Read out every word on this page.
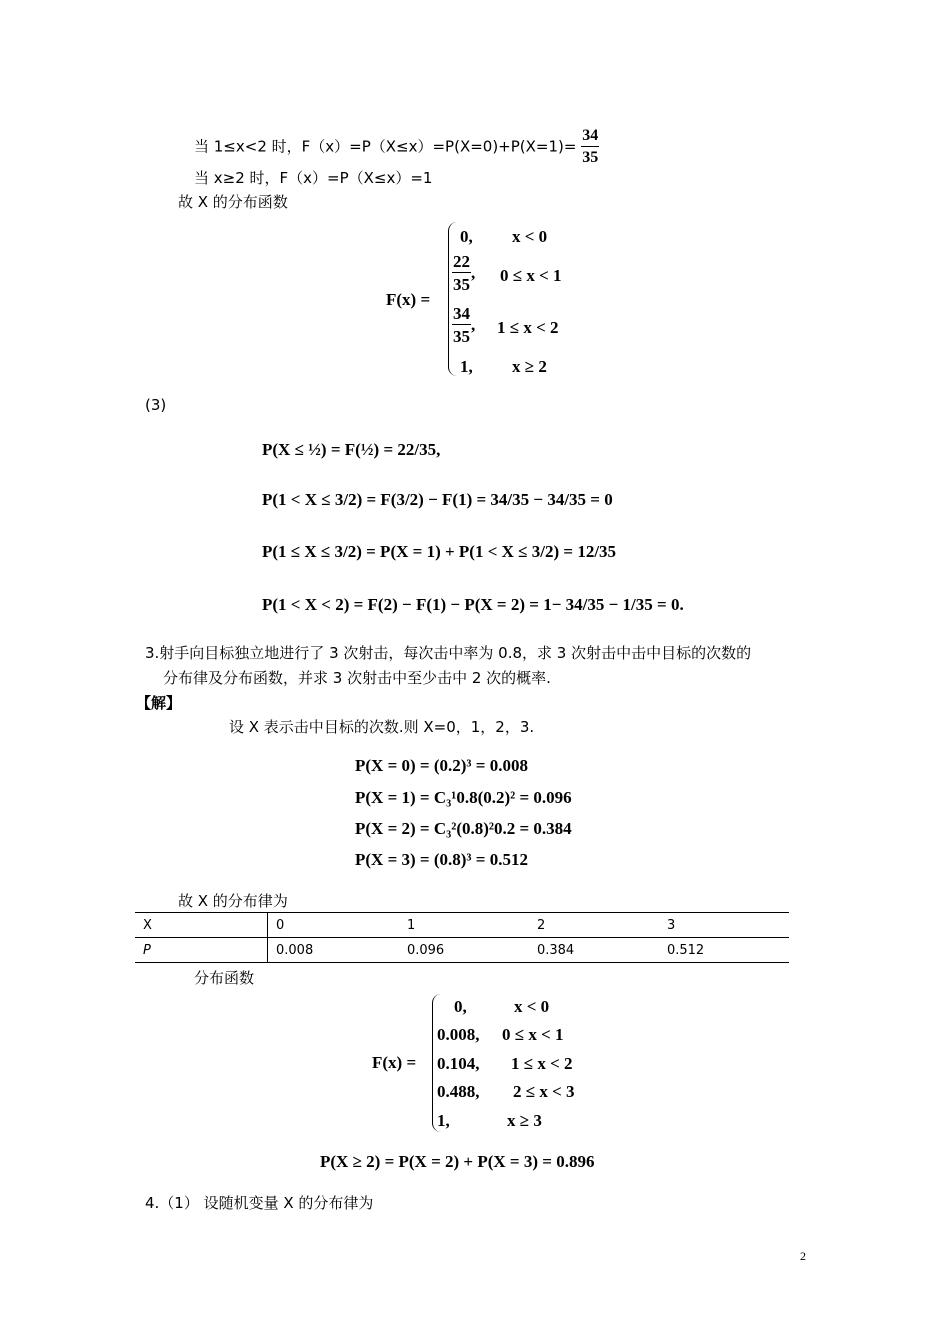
当 1≤x<2 时，$F(x)=P(X\le x)=P(X=0)+P(X=1)= \frac{34}{35}$
当 x≥2 时，F（x）=P（X≤x）=1
故 X 的分布函数
F(x) =
0, x < 0
$\frac{22}{35}$ , 0 ≤ x < 1
$\frac{34}{35}$ , 1 ≤ x < 2
1, x ≥ 2
(3)
P(X ≤ ½) = F(½) = 22/35,
P(1 < X ≤ 3/2) = F(3/2) − F(1) = 34/35 − 34/35 = 0
P(1 ≤ X ≤ 3/2) = P(X = 1) + P(1 < X ≤ 3/2) = 12/35
P(1 < X < 2) = F(2) − F(1) − P(X = 2) = 1− 34/35 − 1/35 = 0.
3.射手向目标独立地进行了 3 次射击，每次击中率为 0.8，求 3 次射击中击中目标的次数的
分布律及分布函数，并求 3 次射击中至少击中 2 次的概率.
【解】
设 X 表示击中目标的次数.则 X=0，1，2，3.
P(X = 0) = (0.2)³ = 0.008
P(X = 1) = C₃¹0.8(0.2)² = 0.096
P(X = 2) = C₃²(0.8)²0.2 = 0.384
P(X = 3) = (0.8)³ = 0.512
故 X 的分布律为
X	0	1	2	3
P	0.008	0.096	0.384	0.512
分布函数
F(x) =
0,	x < 0
0.008, 0 ≤ x < 1
0.104, 1 ≤ x < 2
0.488, 2 ≤ x < 3
1,	x ≥ 3
P(X ≥ 2) = P(X = 2) + P(X = 3) = 0.896
4.（1） 设随机变量 X 的分布律为
2
